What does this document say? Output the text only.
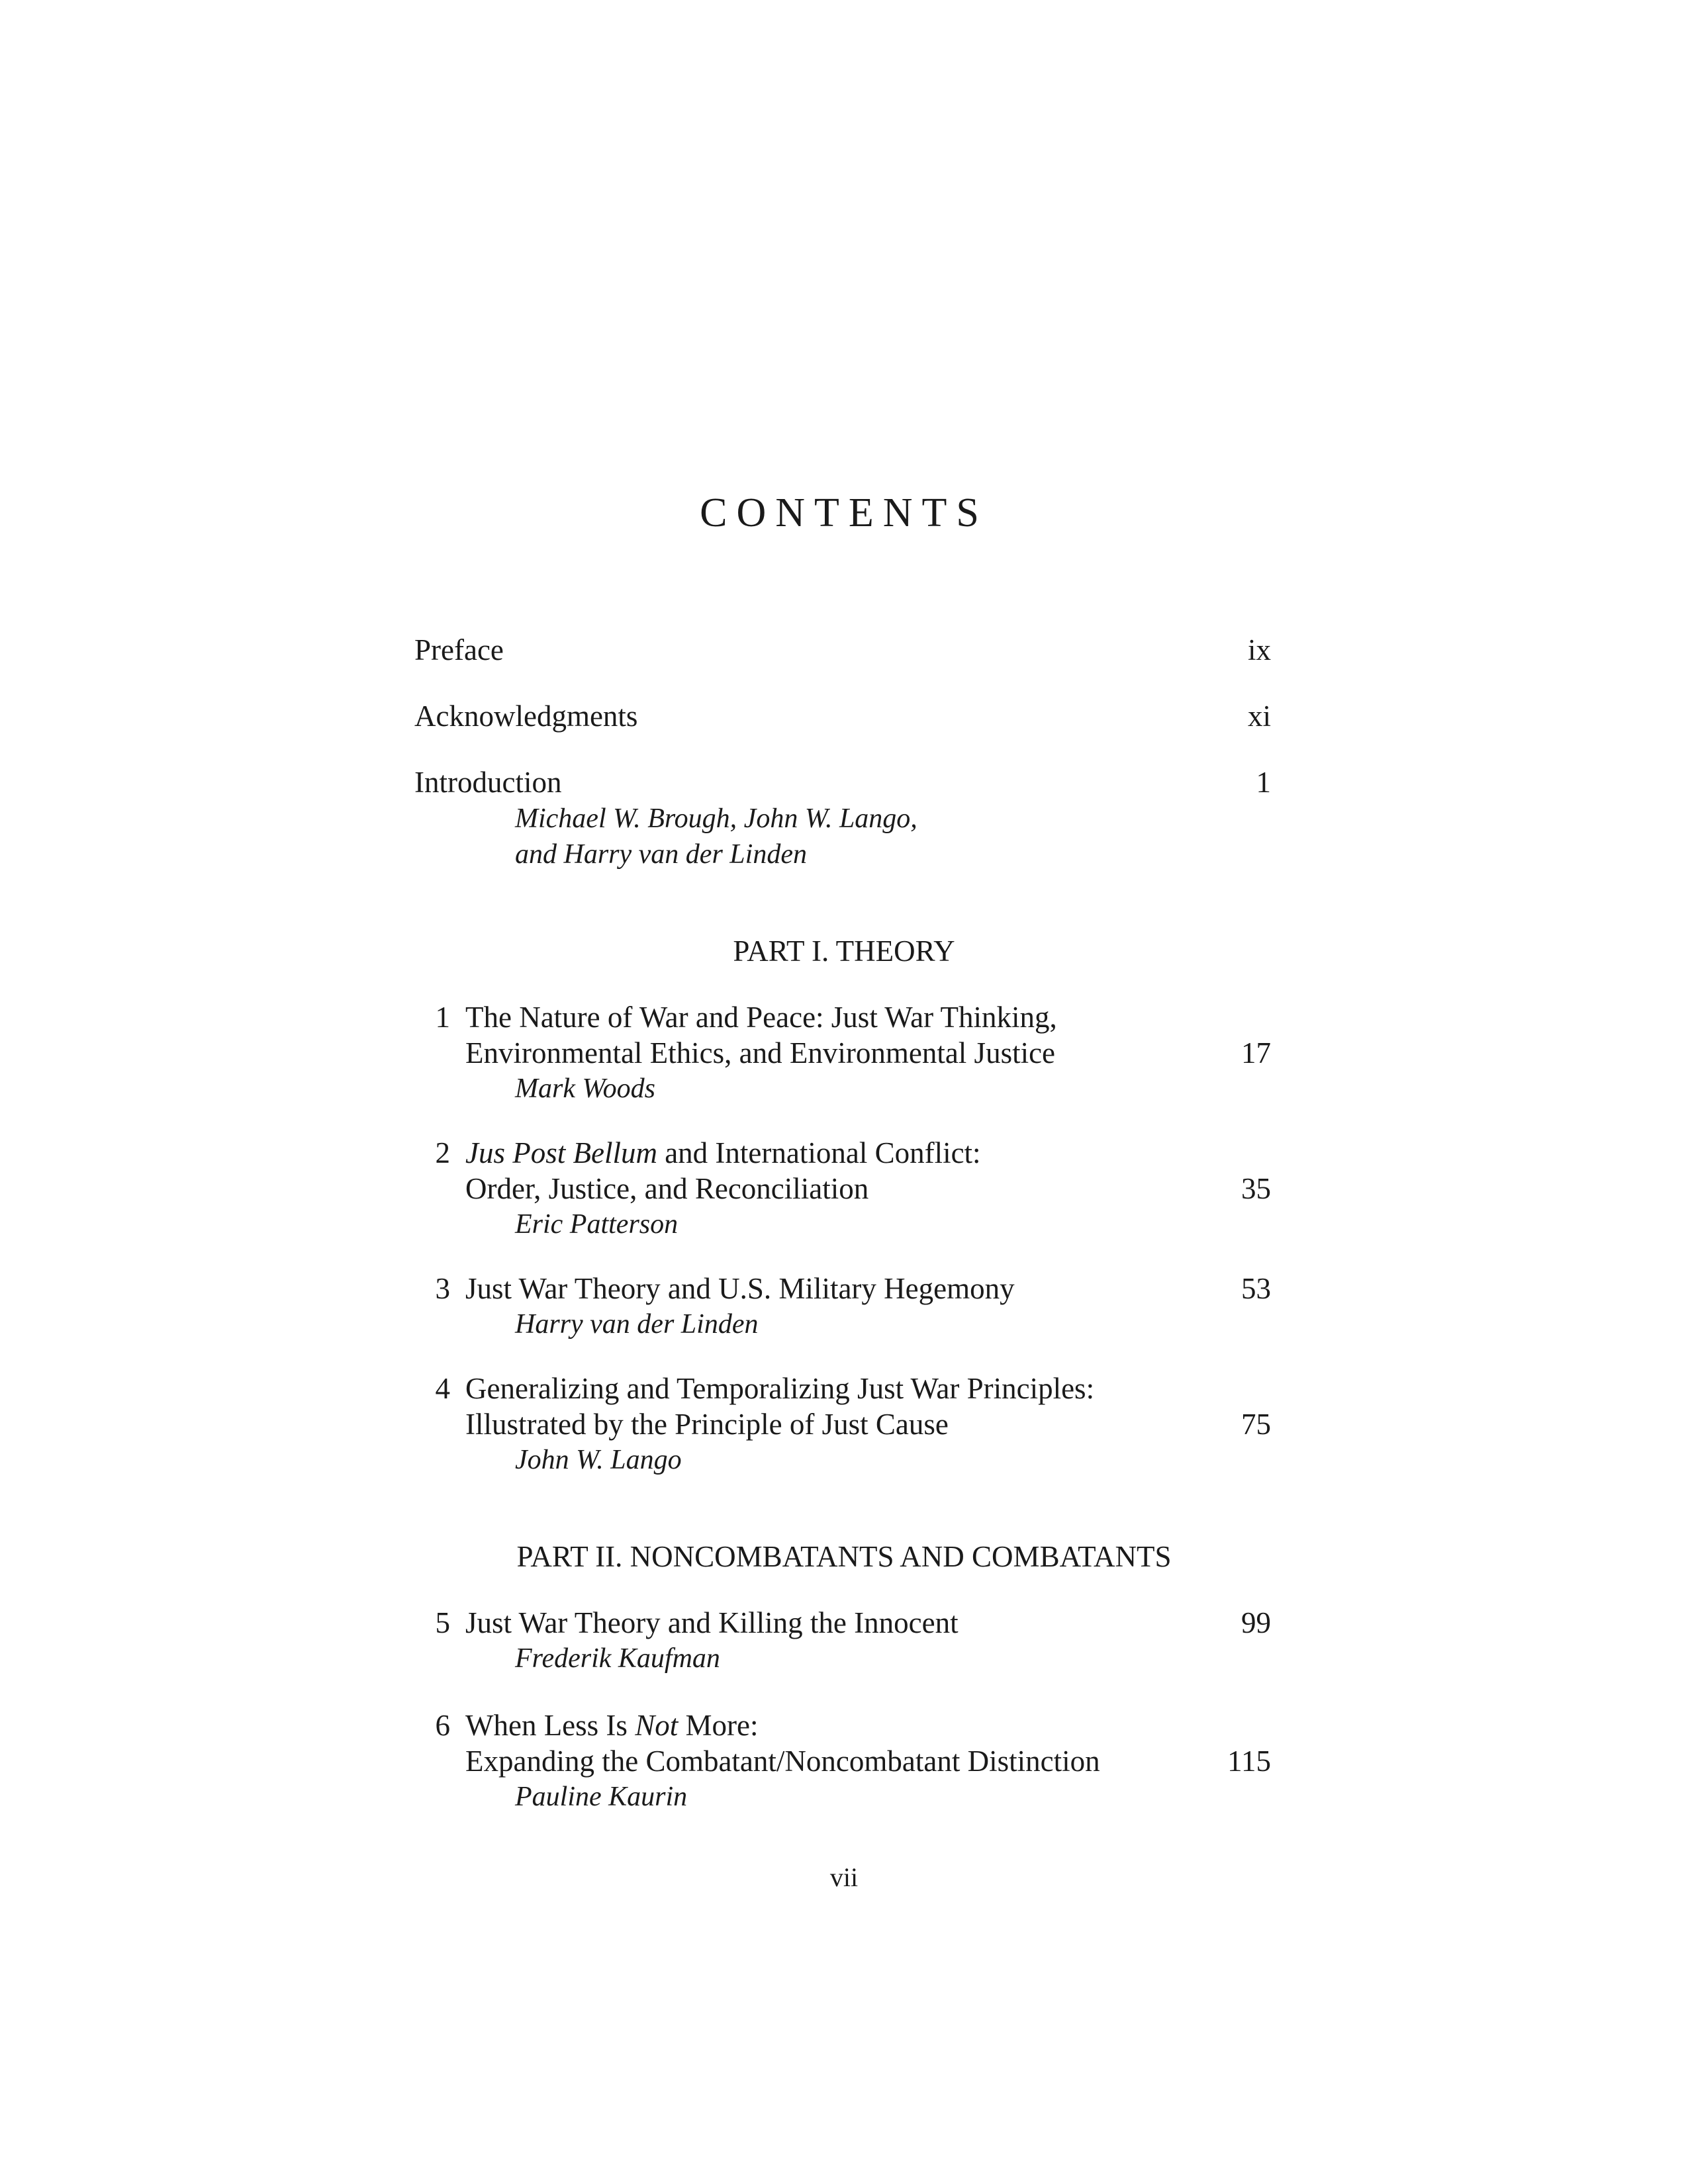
CONTENTS
Preface	ix
Acknowledgments	xi
Introduction	1
Michael W. Brough, John W. Lango,
and Harry van der Linden
PART I. THEORY
1 The Nature of War and Peace: Just War Thinking,
Environmental Ethics, and Environmental Justice	17
Mark Woods
2 Jus Post Bellum and International Conflict:
Order, Justice, and Reconciliation	35
Eric Patterson
3 Just War Theory and U.S. Military Hegemony	53
Harry van der Linden
4 Generalizing and Temporalizing Just War Principles:
Illustrated by the Principle of Just Cause	75
John W. Lango
PART II. NONCOMBATANTS AND COMBATANTS
5 Just War Theory and Killing the Innocent	99
Frederik Kaufman
6 When Less Is Not More:
Expanding the Combatant/Noncombatant Distinction	115
Pauline Kaurin
vii
